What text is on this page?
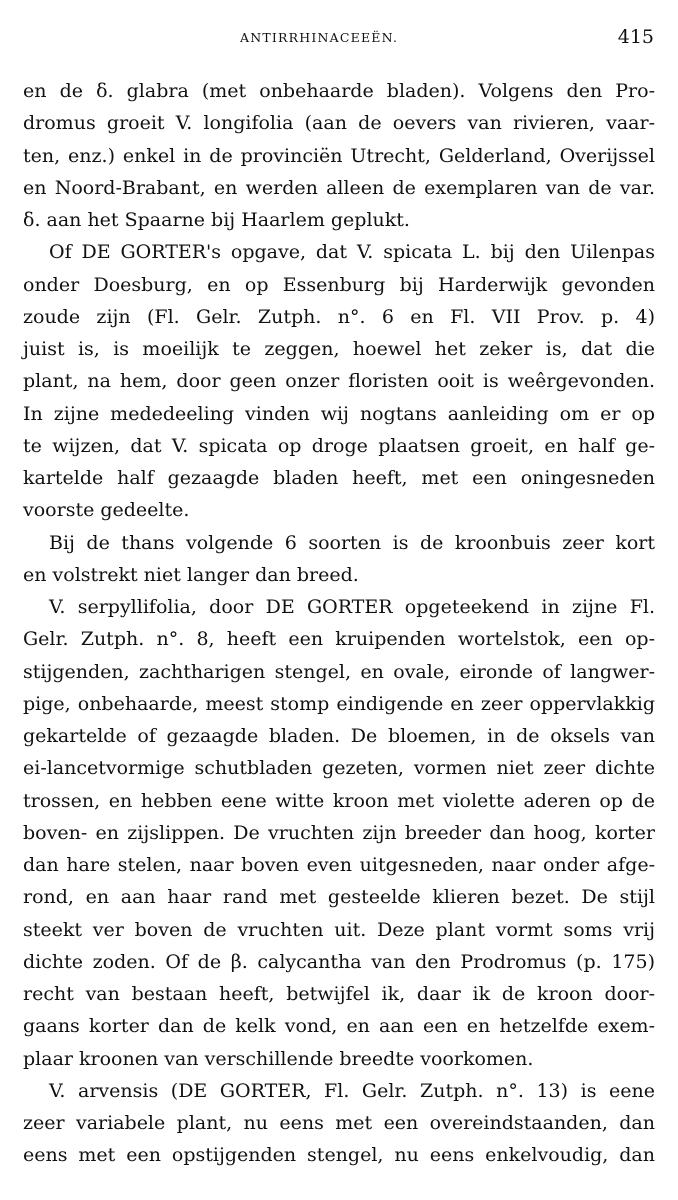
ANTIRRHINACEEËN.	415
en de δ. glabra (met onbehaarde bladen). Volgens den Pro-
dromus groeit V. longifolia (aan de oevers van rivieren, vaar-
ten, enz.) enkel in de provinciën Utrecht, Gelderland, Overijssel
en Noord-Brabant, en werden alleen de exemplaren van de var.
δ. aan het Spaarne bij Haarlem geplukt.
Of DE GORTER's opgave, dat V. spicata L. bij den Uilenpas
onder Doesburg, en op Essenburg bij Harderwijk gevonden
zoude zijn (Fl. Gelr. Zutph. n°. 6 en Fl. VII Prov. p. 4)
juist is, is moeilijk te zeggen, hoewel het zeker is, dat die
plant, na hem, door geen onzer floristen ooit is weêrgevonden.
In zijne mededeeling vinden wij nogtans aanleiding om er op
te wijzen, dat V. spicata op droge plaatsen groeit, en half ge-
kartelde half gezaagde bladen heeft, met een oningesneden
voorste gedeelte.
Bij de thans volgende 6 soorten is de kroonbuis zeer kort
en volstrekt niet langer dan breed.
V. serpyllifolia, door DE GORTER opgeteekend in zijne Fl.
Gelr. Zutph. n°. 8, heeft een kruipenden wortelstok, een op-
stijgenden, zachtharigen stengel, en ovale, eironde of langwer-
pige, onbehaarde, meest stomp eindigende en zeer oppervlakkig
gekartelde of gezaagde bladen. De bloemen, in de oksels van
ei-lancetvormige schutbladen gezeten, vormen niet zeer dichte
trossen, en hebben eene witte kroon met violette aderen op de
boven- en zijslippen. De vruchten zijn breeder dan hoog, korter
dan hare stelen, naar boven even uitgesneden, naar onder afge-
rond, en aan haar rand met gesteelde klieren bezet. De stijl
steekt ver boven de vruchten uit. Deze plant vormt soms vrij
dichte zoden. Of de β. calycantha van den Prodromus (p. 175)
recht van bestaan heeft, betwijfel ik, daar ik de kroon door-
gaans korter dan de kelk vond, en aan een en hetzelfde exem-
plaar kroonen van verschillende breedte voorkomen.
V. arvensis (DE GORTER, Fl. Gelr. Zutph. n°. 13) is eene
zeer variabele plant, nu eens met een overeindstaanden, dan
eens met een opstijgenden stengel, nu eens enkelvoudig, dan
